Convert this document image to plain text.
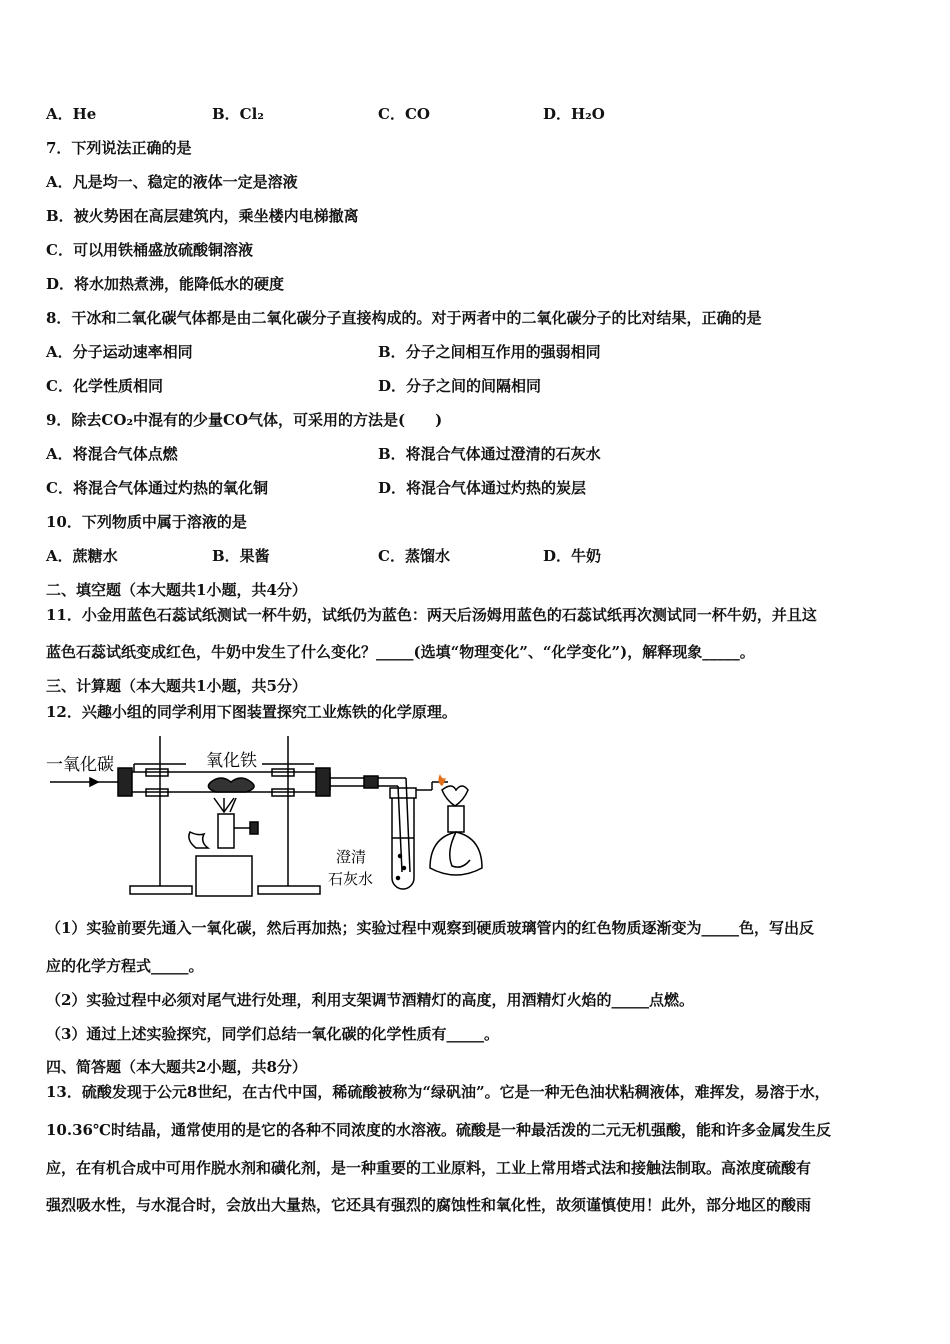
A．He	B．Cl₂	C．CO	D．H₂O
7．下列说法正确的是
A．凡是均一、稳定的液体一定是溶液
B．被火势困在高层建筑内，乘坐楼内电梯撤离
C．可以用铁桶盛放硫酸铜溶液
D．将水加热煮沸，能降低水的硬度
8．干冰和二氧化碳气体都是由二氧化碳分子直接构成的。对于两者中的二氧化碳分子的比对结果，正确的是
A．分子运动速率相同	B．分子之间相互作用的强弱相同
C．化学性质相同	D．分子之间的间隔相同
9．除去CO₂中混有的少量CO气体，可采用的方法是(　　)
A．将混合气体点燃	B．将混合气体通过澄清的石灰水
C．将混合气体通过灼热的氧化铜	D．将混合气体通过灼热的炭层
10．下列物质中属于溶液的是
A．蔗糖水	B．果酱	C．蒸馏水	D．牛奶
二、填空题（本大题共1小题，共4分）
11．小金用蓝色石蕊试纸测试一杯牛奶，试纸仍为蓝色：两天后汤姆用蓝色的石蕊试纸再次测试同一杯牛奶，并且这
蓝色石蕊试纸变成红色，牛奶中发生了什么变化？_____(选填“物理变化”、“化学变化”)，解释现象_____。
三、计算题（本大题共1小题，共5分）
12．兴趣小组的同学利用下图装置探究工业炼铁的化学原理。
一氧化碳	氧化铁
澄清
石灰水
（1）实验前要先通入一氧化碳，然后再加热；实验过程中观察到硬质玻璃管内的红色物质逐渐变为_____色，写出反
应的化学方程式_____。
（2）实验过程中必须对尾气进行处理，利用支架调节酒精灯的高度，用酒精灯火焰的_____点燃。
（3）通过上述实验探究，同学们总结一氧化碳的化学性质有_____。
四、简答题（本大题共2小题，共8分）
13．硫酸发现于公元8世纪，在古代中国，稀硫酸被称为“绿矾油”。它是一种无色油状粘稠液体，难挥发，易溶于水，
10.36℃时结晶，通常使用的是它的各种不同浓度的水溶液。硫酸是一种最活泼的二元无机强酸，能和许多金属发生反
应，在有机合成中可用作脱水剂和磺化剂，是一种重要的工业原料，工业上常用塔式法和接触法制取。高浓度硫酸有
强烈吸水性，与水混合时，会放出大量热，它还具有强烈的腐蚀性和氧化性，故须谨慎使用！此外，部分地区的酸雨
